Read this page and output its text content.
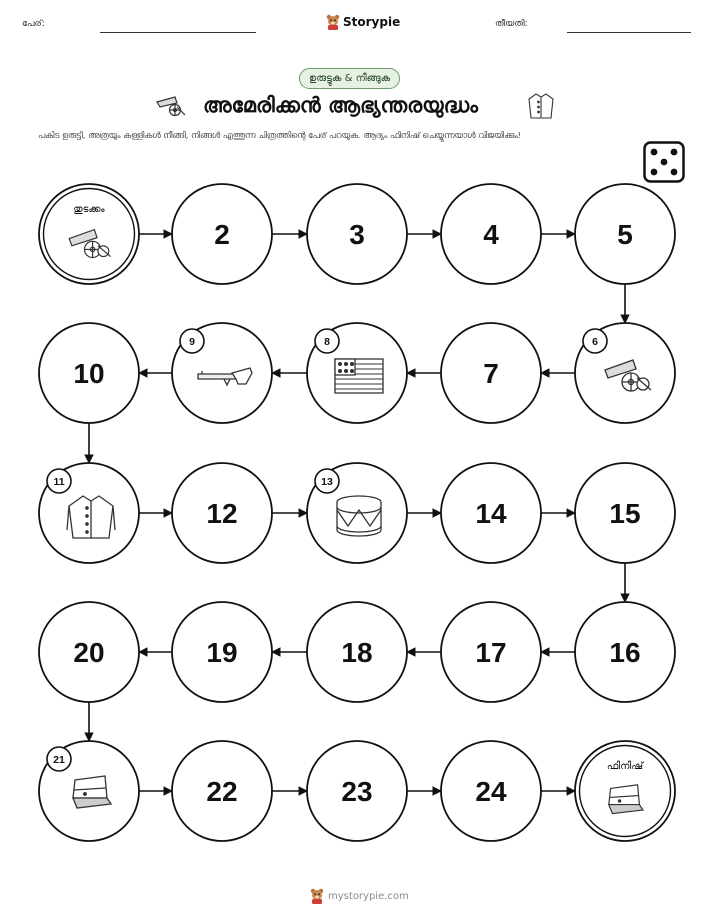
പേര്:	Storypie	തീയതി:
ഉരുട്ടുക & നീങ്ങുക
അമേരിക്കൻ ആഭ്യന്തരയുദ്ധം
പകിട ഉരുട്ടി, അത്രയും കള്ളികൾ നീങ്ങി, നിങ്ങൾ എത്തുന്ന ചിത്രത്തിന്റെ പേര് പറയുക. ആദ്യം ഫിനിഷ് ചെയ്യുന്നയാൾ വിജയിക്കും!
തുടക്കം
2	3	4	5
6
7
8
9
10
11
12
13
14	15
16
17
18
19
20
21
22	23	24
ഫിനിഷ്
mystorypie.com
